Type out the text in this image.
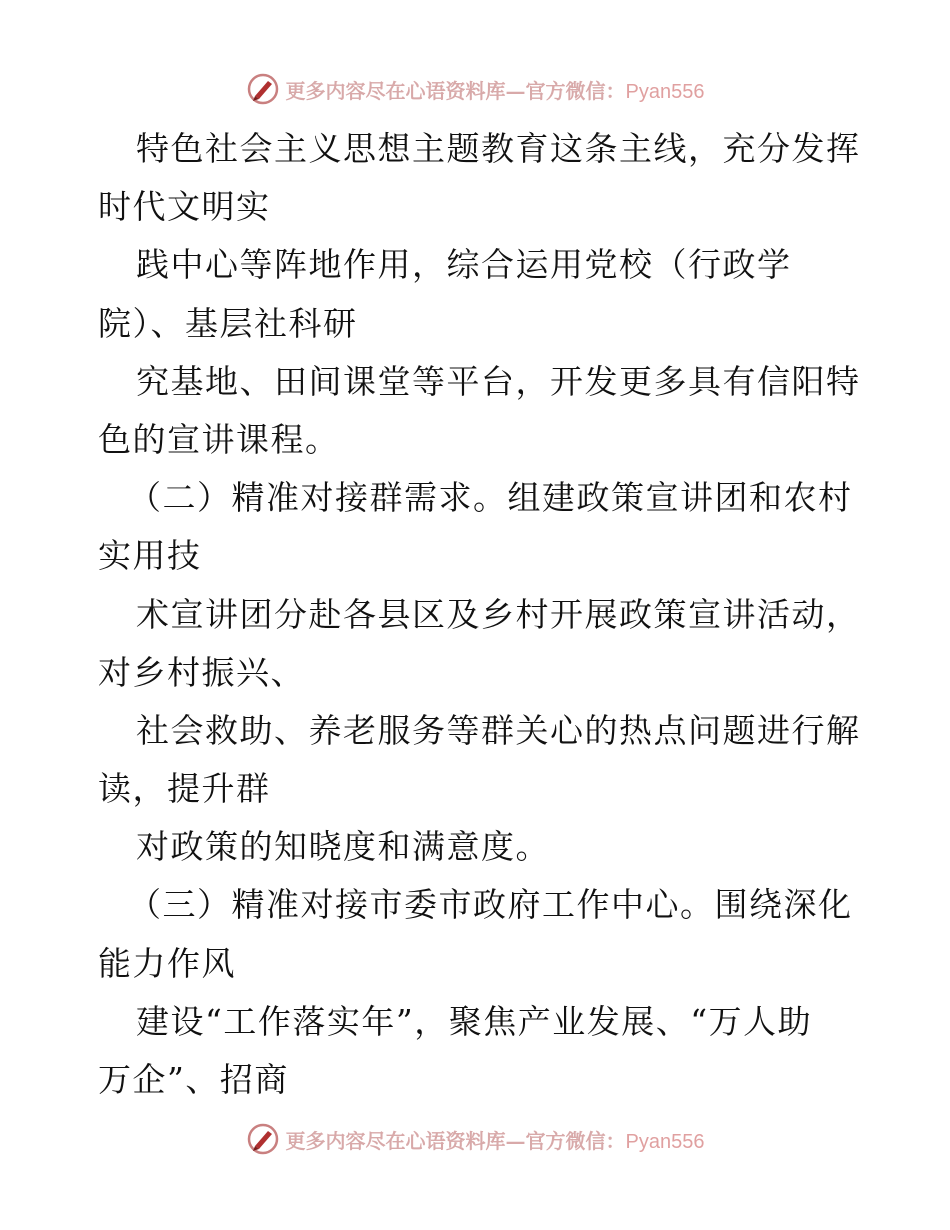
更多内容尽在心语资料库—官方微信：Pyan556
特色社会主义思想主题教育这条主线，充分发挥
时代文明实
践中心等阵地作用，综合运用党校（行政学
院）、基层社科研
究基地、田间课堂等平台，开发更多具有信阳特
色的宣讲课程。
（二）精准对接群需求。组建政策宣讲团和农村
实用技
术宣讲团分赴各县区及乡村开展政策宣讲活动，
对乡村振兴、
社会救助、养老服务等群关心的热点问题进行解
读，提升群
对政策的知晓度和满意度。
（三）精准对接市委市政府工作中心。围绕深化
能力作风
建设“工作落实年”，聚焦产业发展、“万人助
万企”、招商
更多内容尽在心语资料库—官方微信：Pyan556
